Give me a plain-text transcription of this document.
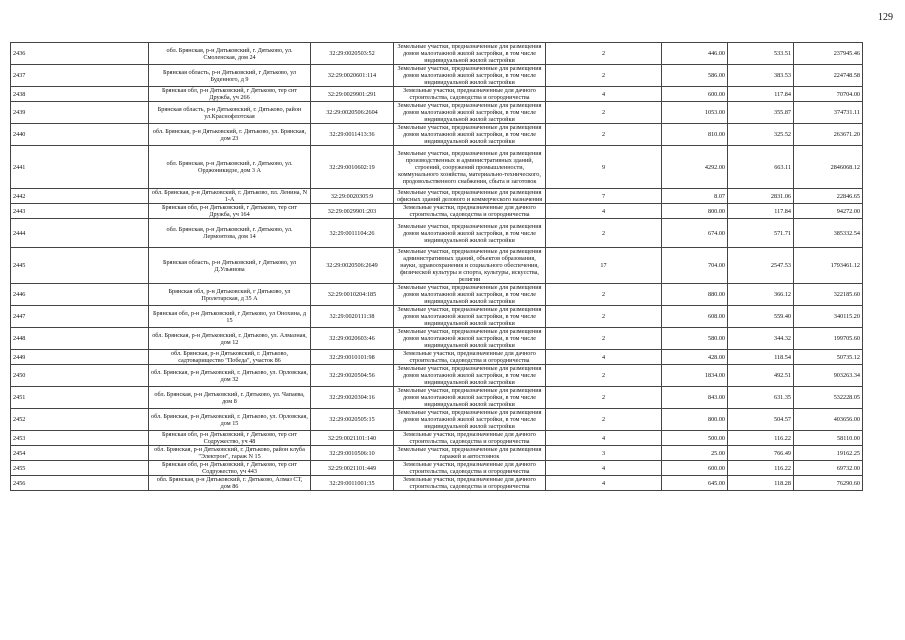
129
2436	обл. Брянская, р-н Дятьковский, г. Дятьково, ул. Смоленская, дом 24	32:29:0020503:52	Земельные участки, предназначенные для размещения домов малоэтажной жилой застройки, в том числе индивидуальной жилой застройки	2	446.00	533.51	237945.46
2437	Брянская область, р-н Дятьковский, г Дятьково, ул Буденного, д 9	32:29:0020601:114	Земельные участки, предназначенные для размещения домов малоэтажной жилой застройки, в том числе индивидуальной жилой застройки	2	586.00	383.53	224748.58
2438	Брянская обл, р-н Дятьковский, г Дятьково, тер снт Дружба, уч 266	32:29:0029901:291	Земельные участки, предназначенные для дачного строительства, садоводства и огородничества	4	600.00	117.84	70704.00
2439	Брянская область, р-н Дятьковский, г. Дятьково, район ул.Краснофлотская	32:29:0020506:2604	Земельные участки, предназначенные для размещения домов малоэтажной жилой застройки, в том числе индивидуальной жилой застройки	2	1053.00	355.87	374731.11
2440	обл. Брянская, р-н Дятьковский, г. Дятьково, ул. Брянская, дом 23	32:29:0011413:36	Земельные участки, предназначенные для размещения домов малоэтажной жилой застройки, в том числе индивидуальной жилой застройки	2	810.00	325.52	263671.20
2441	обл. Брянская, р-н Дятьковский, г. Дятьково, ул. Орджоникидзе, дом 3 А	32:29:0010602:19	Земельные участки, предназначенные для размещения производственных и административных зданий, строений, сооружений промышленности, коммунального хозяйства, материально-технического, продовольственного снабжения, сбыта и заготовок	9	4292.00	663.11	2846068.12
2442	обл. Брянская, р-н Дятьковский, г. Дятьково, пл. Ленина, N 1-А	32:29:0020305:9	Земельные участки, предназначенные для размещения офисных зданий делового и коммерческого назначения	7	8.07	2831.06	22846.65
2443	Брянская обл, р-н Дятьковский, г Дятьково, тер снт Дружба, уч 164	32:29:0029901:203	Земельные участки, предназначенные для дачного строительства, садоводства и огородничества	4	800.00	117.84	94272.00
2444	обл. Брянская, р-н Дятьковский, г. Дятьково, ул. Лермонтова, дом 14	32:29:0011104:26	Земельные участки, предназначенные для размещения домов малоэтажной жилой застройки, в том числе индивидуальной жилой застройки	2	674.00	571.71	385332.54
2445	Брянская область, р-н Дятьковский, г Дятьково, ул Д.Ульянова	32:29:0020506:2649	Земельные участки, предназначенные для размещения административных зданий, объектов образования, науки, здравоохранения и социального обеспечения, физической культуры и спорта, культуры, искусства, религии	17	704.00	2547.53	1793461.12
2446	Брянская обл, р-н Дятьковский, г Дятьково, ул Пролетарская, д 35 А	32:29:0010204:185	Земельные участки, предназначенные для размещения домов малоэтажной жилой застройки, в том числе индивидуальной жилой застройки	2	880.00	366.12	322185.60
2447	Брянская обл, р-н Дятьковский, г Дятьково, ул Онохина, д 15	32:29:0020111:38	Земельные участки, предназначенные для размещения домов малоэтажной жилой застройки, в том числе индивидуальной жилой застройки	2	608.00	559.40	340115.20
2448	обл. Брянская, р-н Дятьковский, г. Дятьково, ул. Алмазная, дом 12	32:29:0020603:46	Земельные участки, предназначенные для размещения домов малоэтажной жилой застройки, в том числе индивидуальной жилой застройки	2	580.00	344.32	199705.60
2449	обл. Брянская, р-н Дятьковский, г. Дятьково, садтоварищество "Победа", участок 86	32:29:0010101:98	Земельные участки, предназначенные для дачного строительства, садоводства и огородничества	4	428.00	118.54	50735.12
2450	обл. Брянская, р-н Дятьковский, г. Дятьково, ул. Орловская, дом 32	32:29:0020504:56	Земельные участки, предназначенные для размещения домов малоэтажной жилой застройки, в том числе индивидуальной жилой застройки	2	1834.00	492.51	903263.34
2451	обл. Брянская, р-н Дятьковский, г. Дятьково, ул. Чапаева, дом 8	32:29:0020304:16	Земельные участки, предназначенные для размещения домов малоэтажной жилой застройки, в том числе индивидуальной жилой застройки	2	843.00	631.35	532228.05
2452	обл. Брянская, р-н Дятьковский, г. Дятьково, ул. Орловская, дом 15	32:29:0020505:15	Земельные участки, предназначенные для размещения домов малоэтажной жилой застройки, в том числе индивидуальной жилой застройки	2	800.00	504.57	403656.00
2453	Брянская обл, р-н Дятьковский, г Дятьково, тер снт Содружество, уч 48	32:29:0021101:140	Земельные участки, предназначенные для дачного строительства, садоводства и огородничества	4	500.00	116.22	58110.00
2454	обл. Брянская, р-н Дятьковский, г. Дятьково, район клуба "Электрон", гараж N 15	32:29:0010506:10	Земельные участки, предназначенные для размещения гаражей и автостоянок	3	25.00	766.49	19162.25
2455	Брянская обл, р-н Дятьковский, г Дятьково, тер снт Содружество, уч 443	32:29:0021101:449	Земельные участки, предназначенные для дачного строительства, садоводства и огородничества	4	600.00	116.22	69732.00
2456	обл. Брянская, р-н Дятьковский, г. Дятьково, Алмаз СТ, дом 86	32:29:0011001:35	Земельные участки, предназначенные для дачного строительства, садоводства и огородничества	4	645.00	118.28	76290.60
